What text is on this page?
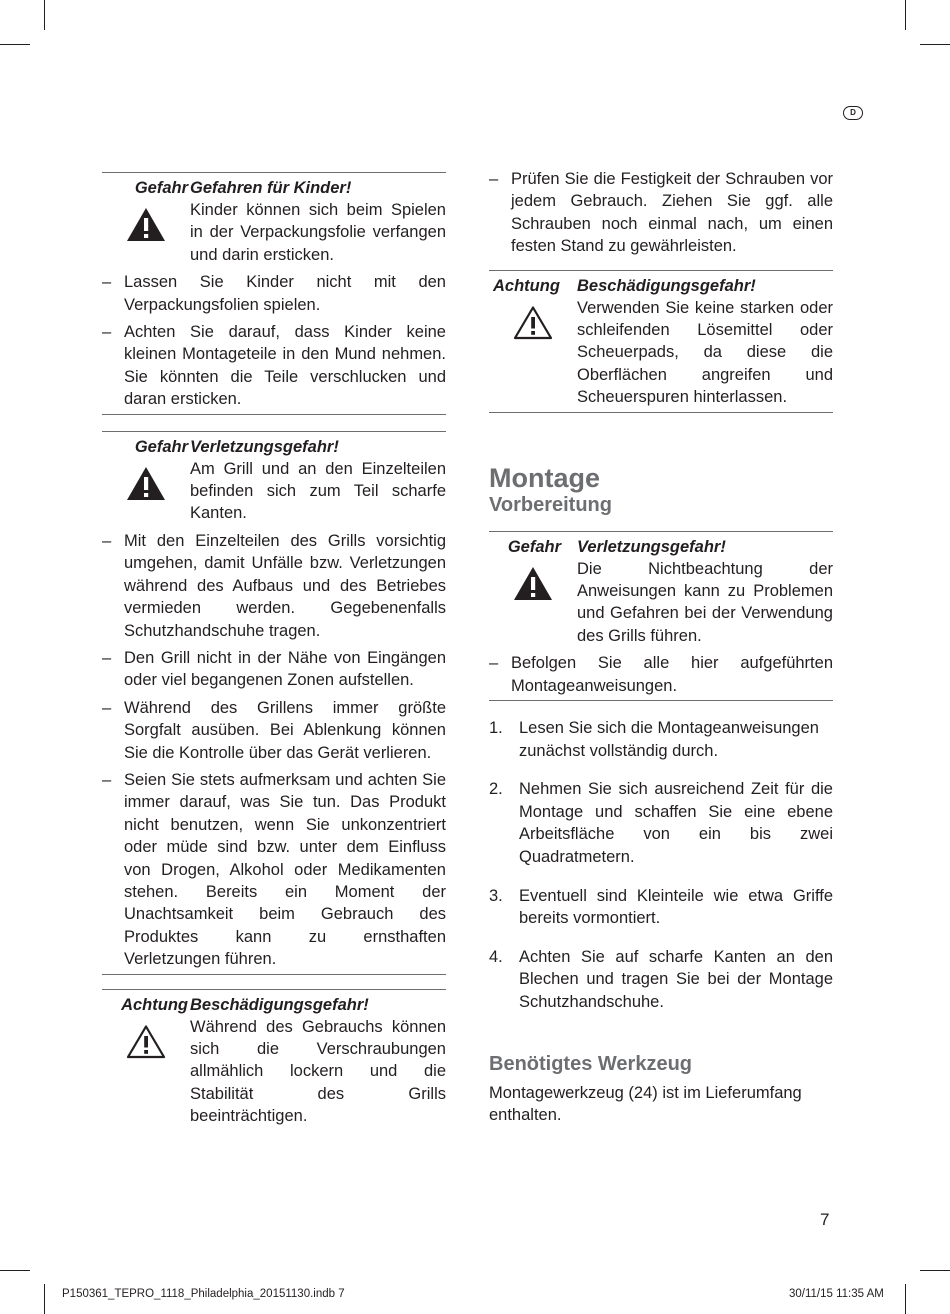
D
Gefahr Gefahren für Kinder!
Kinder können sich beim Spielen in der Verpackungsfolie verfangen und darin ersticken.
– Lassen Sie Kinder nicht mit den Verpackungsfolien spielen.
– Achten Sie darauf, dass Kinder keine kleinen Montageteile in den Mund nehmen. Sie könnten die Teile verschlucken und daran ersticken.
Gefahr Verletzungsgefahr!
Am Grill und an den Einzelteilen befinden sich zum Teil scharfe Kanten.
– Mit den Einzelteilen des Grills vorsichtig umgehen, damit Unfälle bzw. Verletzungen während des Aufbaus und des Betriebes vermieden werden. Gegebenenfalls Schutzhandschuhe tragen.
– Den Grill nicht in der Nähe von Eingängen oder viel begangenen Zonen aufstellen.
– Während des Grillens immer größte Sorgfalt ausüben. Bei Ablenkung können Sie die Kontrolle über das Gerät verlieren.
– Seien Sie stets aufmerksam und achten Sie immer darauf, was Sie tun. Das Produkt nicht benutzen, wenn Sie unkonzentriert oder müde sind bzw. unter dem Einfluss von Drogen, Alkohol oder Medikamenten stehen. Bereits ein Moment der Unachtsamkeit beim Gebrauch des Produktes kann zu ernsthaften Verletzungen führen.
Achtung Beschädigungsgefahr!
Während des Gebrauchs können sich die Verschraubungen allmählich lockern und die Stabilität des Grills beeinträchtigen.
– Prüfen Sie die Festigkeit der Schrauben vor jedem Gebrauch. Ziehen Sie ggf. alle Schrauben noch einmal nach, um einen festen Stand zu gewährleisten.
Achtung	Beschädigungsgefahr!
Verwenden Sie keine starken oder schleifenden Lösemittel oder Scheuerpads, da diese die Oberflächen angreifen und Scheuerspuren hinterlassen.
Montage
Vorbereitung
Gefahr Verletzungsgefahr!
Die Nichtbeachtung der Anweisungen kann zu Problemen und Gefahren bei der Verwendung des Grills führen.
– Befolgen Sie alle hier aufgeführten Montageanweisungen.
1. Lesen Sie sich die Montageanweisungen zunächst vollständig durch.
2. Nehmen Sie sich ausreichend Zeit für die Montage und schaffen Sie eine ebene Arbeitsfläche von ein bis zwei Quadratmetern.
3. Eventuell sind Kleinteile wie etwa Griffe bereits vormontiert.
4. Achten Sie auf scharfe Kanten an den Blechen und tragen Sie bei der Montage Schutzhandschuhe.
Benötigtes Werkzeug
Montagewerkzeug (24) ist im Lieferumfang enthalten.
7
P150361_TEPRO_1118_Philadelphia_20151130.indb 7	30/11/15 11:35 AM
